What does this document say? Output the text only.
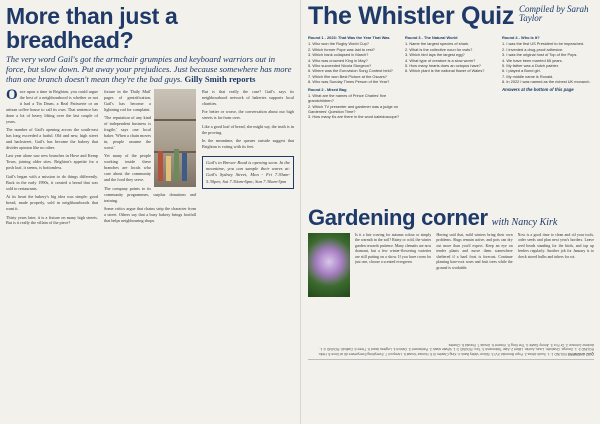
More than just a breadhead?
The very word Gail's got the armchair grumpies and keyboard warriors out in force, but slow down. Put away your prejudices. Just because somewhere has more than one branch doesn't mean they're the bad guys. Gilly Smith reports

Once upon a time in Brighton, you could argue the best of a neighbourhood is whether or not it had a Tin Drum, a Real Patisserie or an artisan coffee house to call its own. That sentence has done a lot of heavy lifting over the last couple of years.

The number of Gail's opening across the south-east has long exceeded a hatful. Old and new, high street and backstreet, Gail's has become the bakery that divides opinion like no other.

Last year alone saw new branches in Hove and Kemp Town, joining older sites. Brighton's appetite for a posh loaf, it seems, is bottomless.

Gail's began with a mission to do things differently. Back in the early 1990s, it created a bread that was sold to restaurants.

At its heart the bakery's big idea was simple: good bread, made properly, sold in neighbourhoods that want it.

Thirty years later, it is a fixture on many high streets. But is it really the villain of the piece?

fixture in the 'Daily Mail' pages of gentrification, Gail's has become a lightning rod for complaint.

'The reputation of any kind of independent business is fragile,' says one local baker. 'When a chain moves in, people assume the worst.'

Yet many of the people working inside these branches are locals who care about the community and the food they serve.

The company points to its community programmes, surplus donations and training.

Some critics argue that chains strip the character from a street. Others say that a busy bakery brings footfall that helps neighbouring shops.

But is that really the case? Gail's says its neighbourhood network of bakeries supports local charities.

For better or worse, the conversation about our high streets is far from over.

Like a good loaf of bread, she might say, the truth is in the proving.

In the meantime, the queues outside suggest that Brighton is voting with its feet.

Gail's in Brewer Road is opening soon. In the meantime, you can sample their wares at: Gail's Sydney Street, Mon - Fri 7.30am-5.30pm; Sat 7.30am-6pm; Sun 7.30am-5pm
The Whistler Quiz Compiled by Sarah Taylor
Round 1 - 2023: That Was the Year That Was
1. Who won the Rugby World Cup?
2. Which former Pope was laid to rest?
3. Which bank collapsed in March?
4. Who was crowned King in May?
5. Who succeeded Nicola Sturgeon?
6. Where was the Eurovision Song Contest held?
7. Which film won Best Picture at the Oscars?
8. Who was Sunday Times Person of the Year?
Round 2 - Mixed Bag
1. What are the names of Prince Charles' five grandchildren?
2. Which TV presenter and gardener was a judge on Gardeners' Question Time?
3. How many Ks are there in the word kaleidoscope?
Round 3 - The Natural World
1. Name the largest species of shark.
2. What is the collective noun for owls?
3. Which bird lays the largest egg?
4. What type of creature is a slow worm?
5. How many hearts does an octopus have?
6. Which plant is the national flower of Wales?
Round 4 - Who Is It?
1. I was the first US President to be impeached.
2. I invented a drug-proof adhesive.
3. I was the original host of Top of the Pops.
4. We have been married 65 years.
5. My father was a Dutch painter.
6. I played a Bond girl.
7. My middle name is Ronald.
8. In 2022 I was named as the richest UK monarch.
Answers at the bottom of this page
Gardening corner with Nancy Kirk
Is it a late craving for autumn colour or simply the warmth in the soil? Rainy or cold, the winter garden rewards patience. Many clematis are now dormant, but a few winter-flowering varieties are still putting on a show. If you have room for just one, choose a scented evergreen.
Having said that, mild winters bring their own problems. Slugs remain active, and pots can dry out more than you'd expect. Keep an eye on tender plants and move them somewhere sheltered if a hard frost is forecast. Continue planting bare-root roses and fruit trees while the ground is workable.
Now is a good time to clean and oil your tools, order seeds and plan next year's borders. Leave seed heads standing for the birds, and top up feeders regularly. Another job for January is to check stored bulbs and tubers for rot.
QUIZ ANSWERS ROUND 1: 1. South Africa 2. Pope Benedict XVI 3. Silicon Valley Bank 4. King Charles III 5. Humza Yousaf 6. Liverpool 7. Everything Everywhere All at Once 8. Hello. ROUND 2: 1. George, Charlotte, Louis, Archie, Lilibet 2. Alan Titchmarsh 3. Two. ROUND 3: 1. Whale shark 2. Parliament 3. Ostrich 4. Legless lizard 5. Three 6. Daffodil. ROUND 4: 1. Andrew Johnson 2. Dr Fox 3. Jimmy Savile 4. The King 5. Vincent 6. Ursula 7. Ronald 8. Charles
